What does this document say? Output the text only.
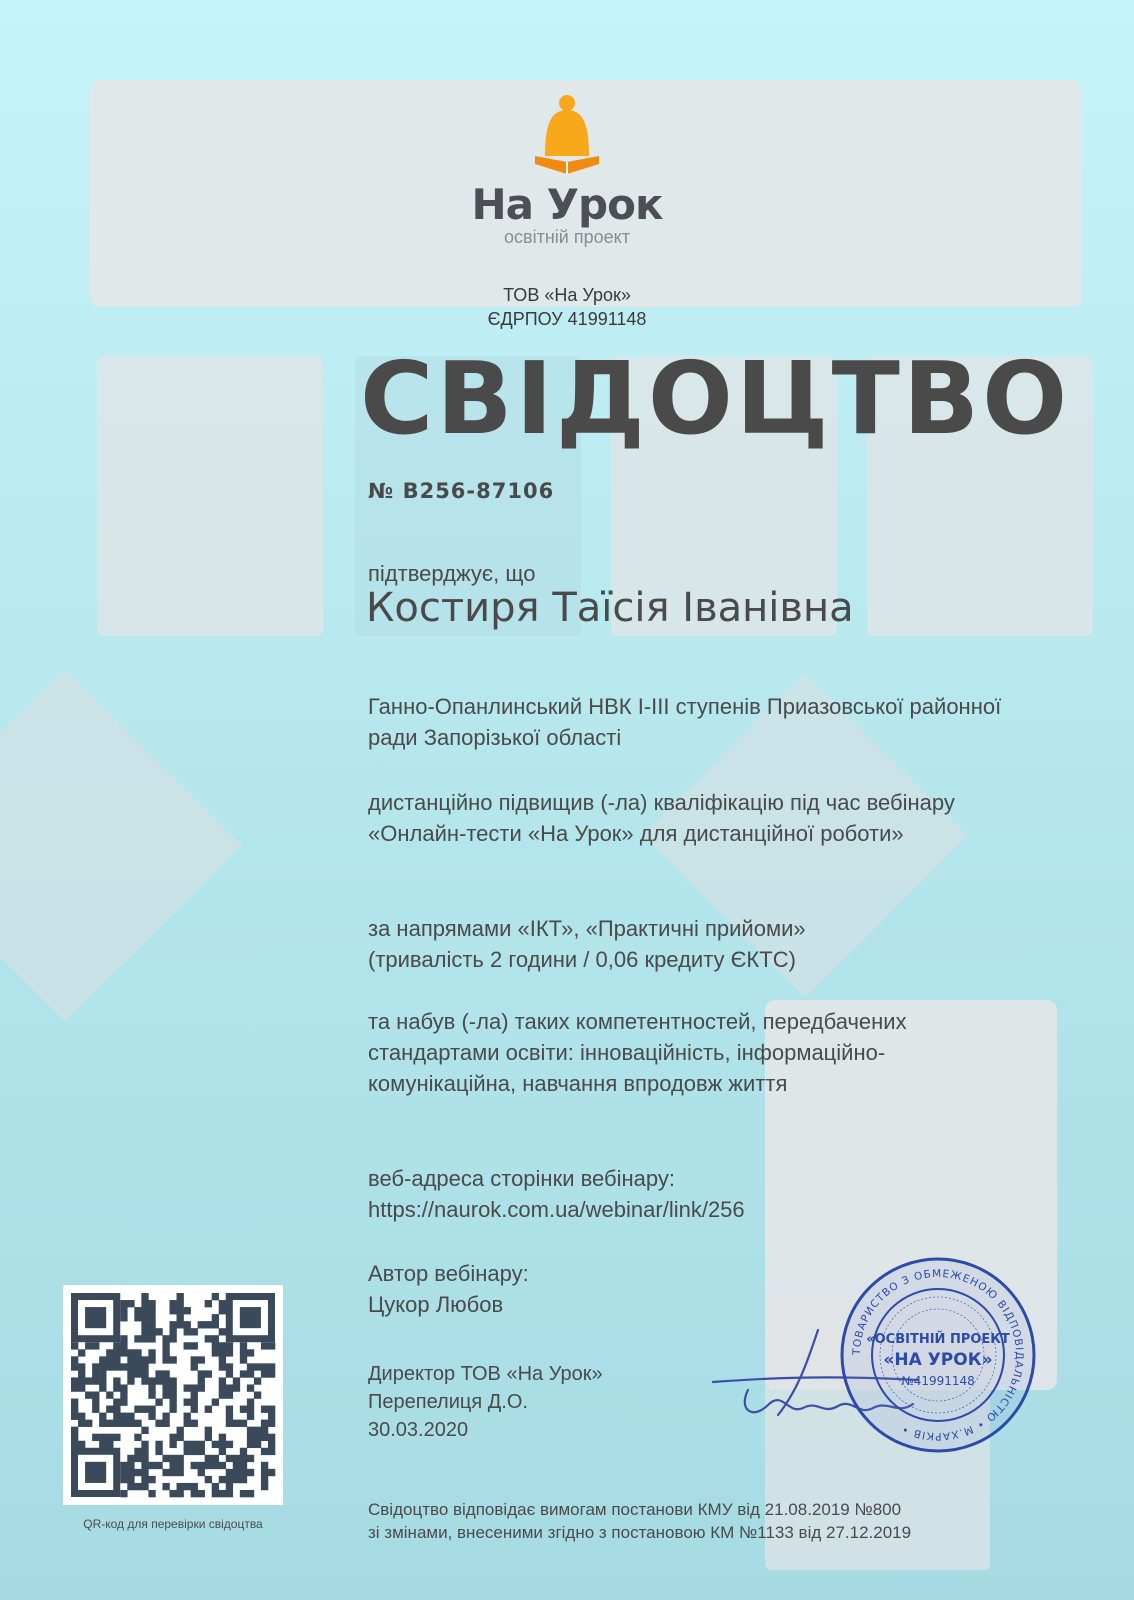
На Урок
освітній проект
ТОВ «На Урок»
ЄДРПОУ 41991148
СВІДОЦТВО
№ В256-87106
підтверджує, що
Костиря Таїсія Іванівна
Ганно-Опанлинський НВК І-ІІІ ступенів Приазовської районної ради Запорізької області
дистанційно підвищив (-ла) кваліфікацію під час вебінару «Онлайн-тести «На Урок» для дистанційної роботи»
за напрямами «ІКТ», «Практичні прийоми»
(тривалість 2 години / 0,06 кредиту ЄКТС)
та набув (-ла) таких компетентностей, передбачених стандартами освіти: інноваційність, інформаційно-комунікаційна, навчання впродовж життя
веб-адреса сторінки вебінару:
https://naurok.com.ua/webinar/link/256
Автор вебінару:
Цукор Любов
Директор ТОВ «На Урок»
Перепелиця Д.О.
30.03.2020
Свідоцтво відповідає вимогам постанови КМУ від 21.08.2019 №800
зі змінами, внесеними згідно з постановою КМ №1133 від 27.12.2019
QR-код для перевірки свідоцтва
ТОВАРИСТВО З ОБМЕЖЕНОЮ ВІДПОВІДАЛЬНІСТЮ • М.ХАРКІВ •
«ОСВІТНІЙ ПРОЕКТ
«НА УРОК»
№41991148
